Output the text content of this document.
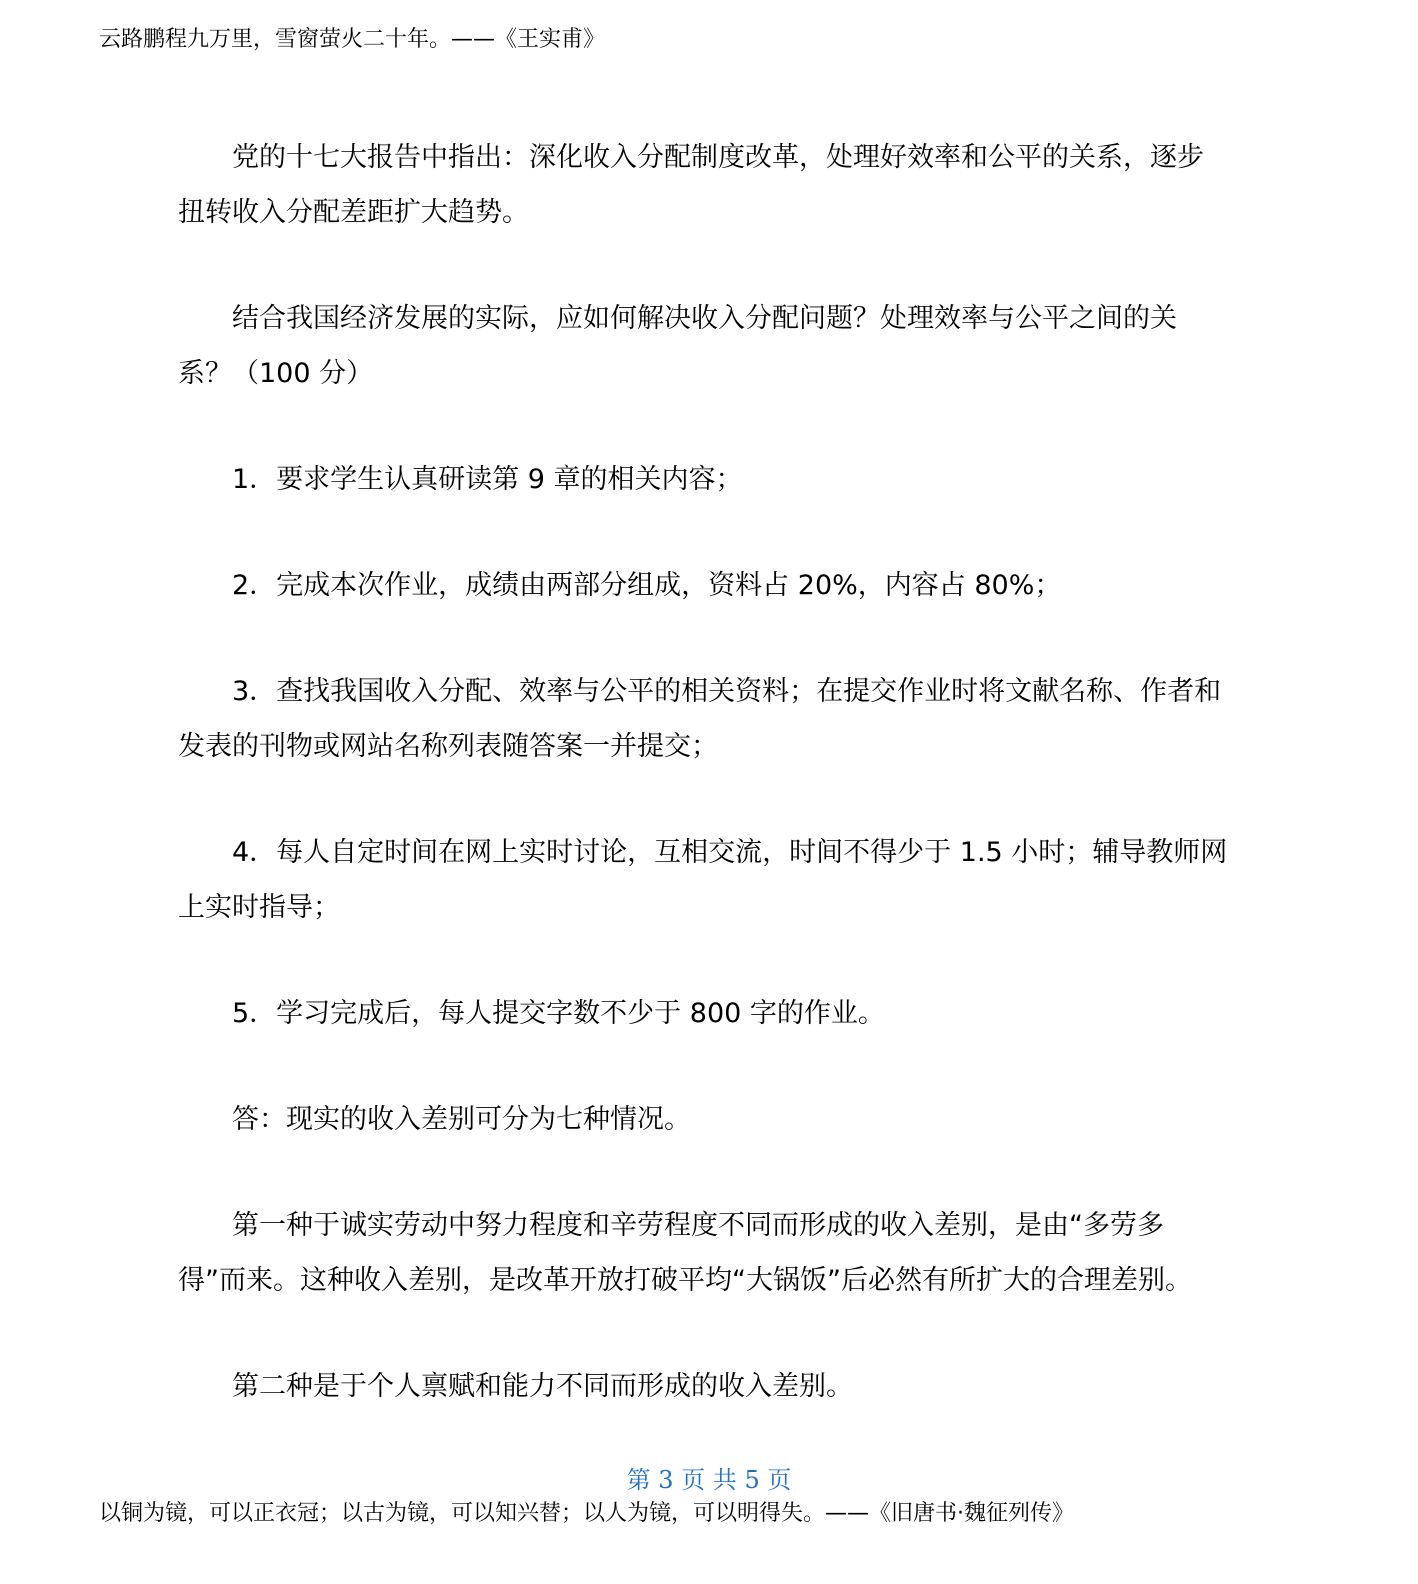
云路鹏程九万里，雪窗萤火二十年。——《王实甫》

党的十七大报告中指出：深化收入分配制度改革，处理好效率和公平的关系，逐步扭转收入分配差距扩大趋势。

结合我国经济发展的实际，应如何解决收入分配问题？处理效率与公平之间的关系？（100 分）

1．要求学生认真研读第 9 章的相关内容；

2．完成本次作业，成绩由两部分组成，资料占 20%，内容占 80%；

3．查找我国收入分配、效率与公平的相关资料；在提交作业时将文献名称、作者和发表的刊物或网站名称列表随答案一并提交；

4．每人自定时间在网上实时讨论，互相交流，时间不得少于 1.5 小时；辅导教师网上实时指导；

5．学习完成后，每人提交字数不少于 800 字的作业。

答：现实的收入差别可分为七种情况。

第一种于诚实劳动中努力程度和辛劳程度不同而形成的收入差别，是由“多劳多得”而来。这种收入差别，是改革开放打破平均“大锅饭”后必然有所扩大的合理差别。

第二种是于个人禀赋和能力不同而形成的收入差别。

第 3 页 共 5 页
以铜为镜，可以正衣冠；以古为镜，可以知兴替；以人为镜，可以明得失。——《旧唐书·魏征列传》
